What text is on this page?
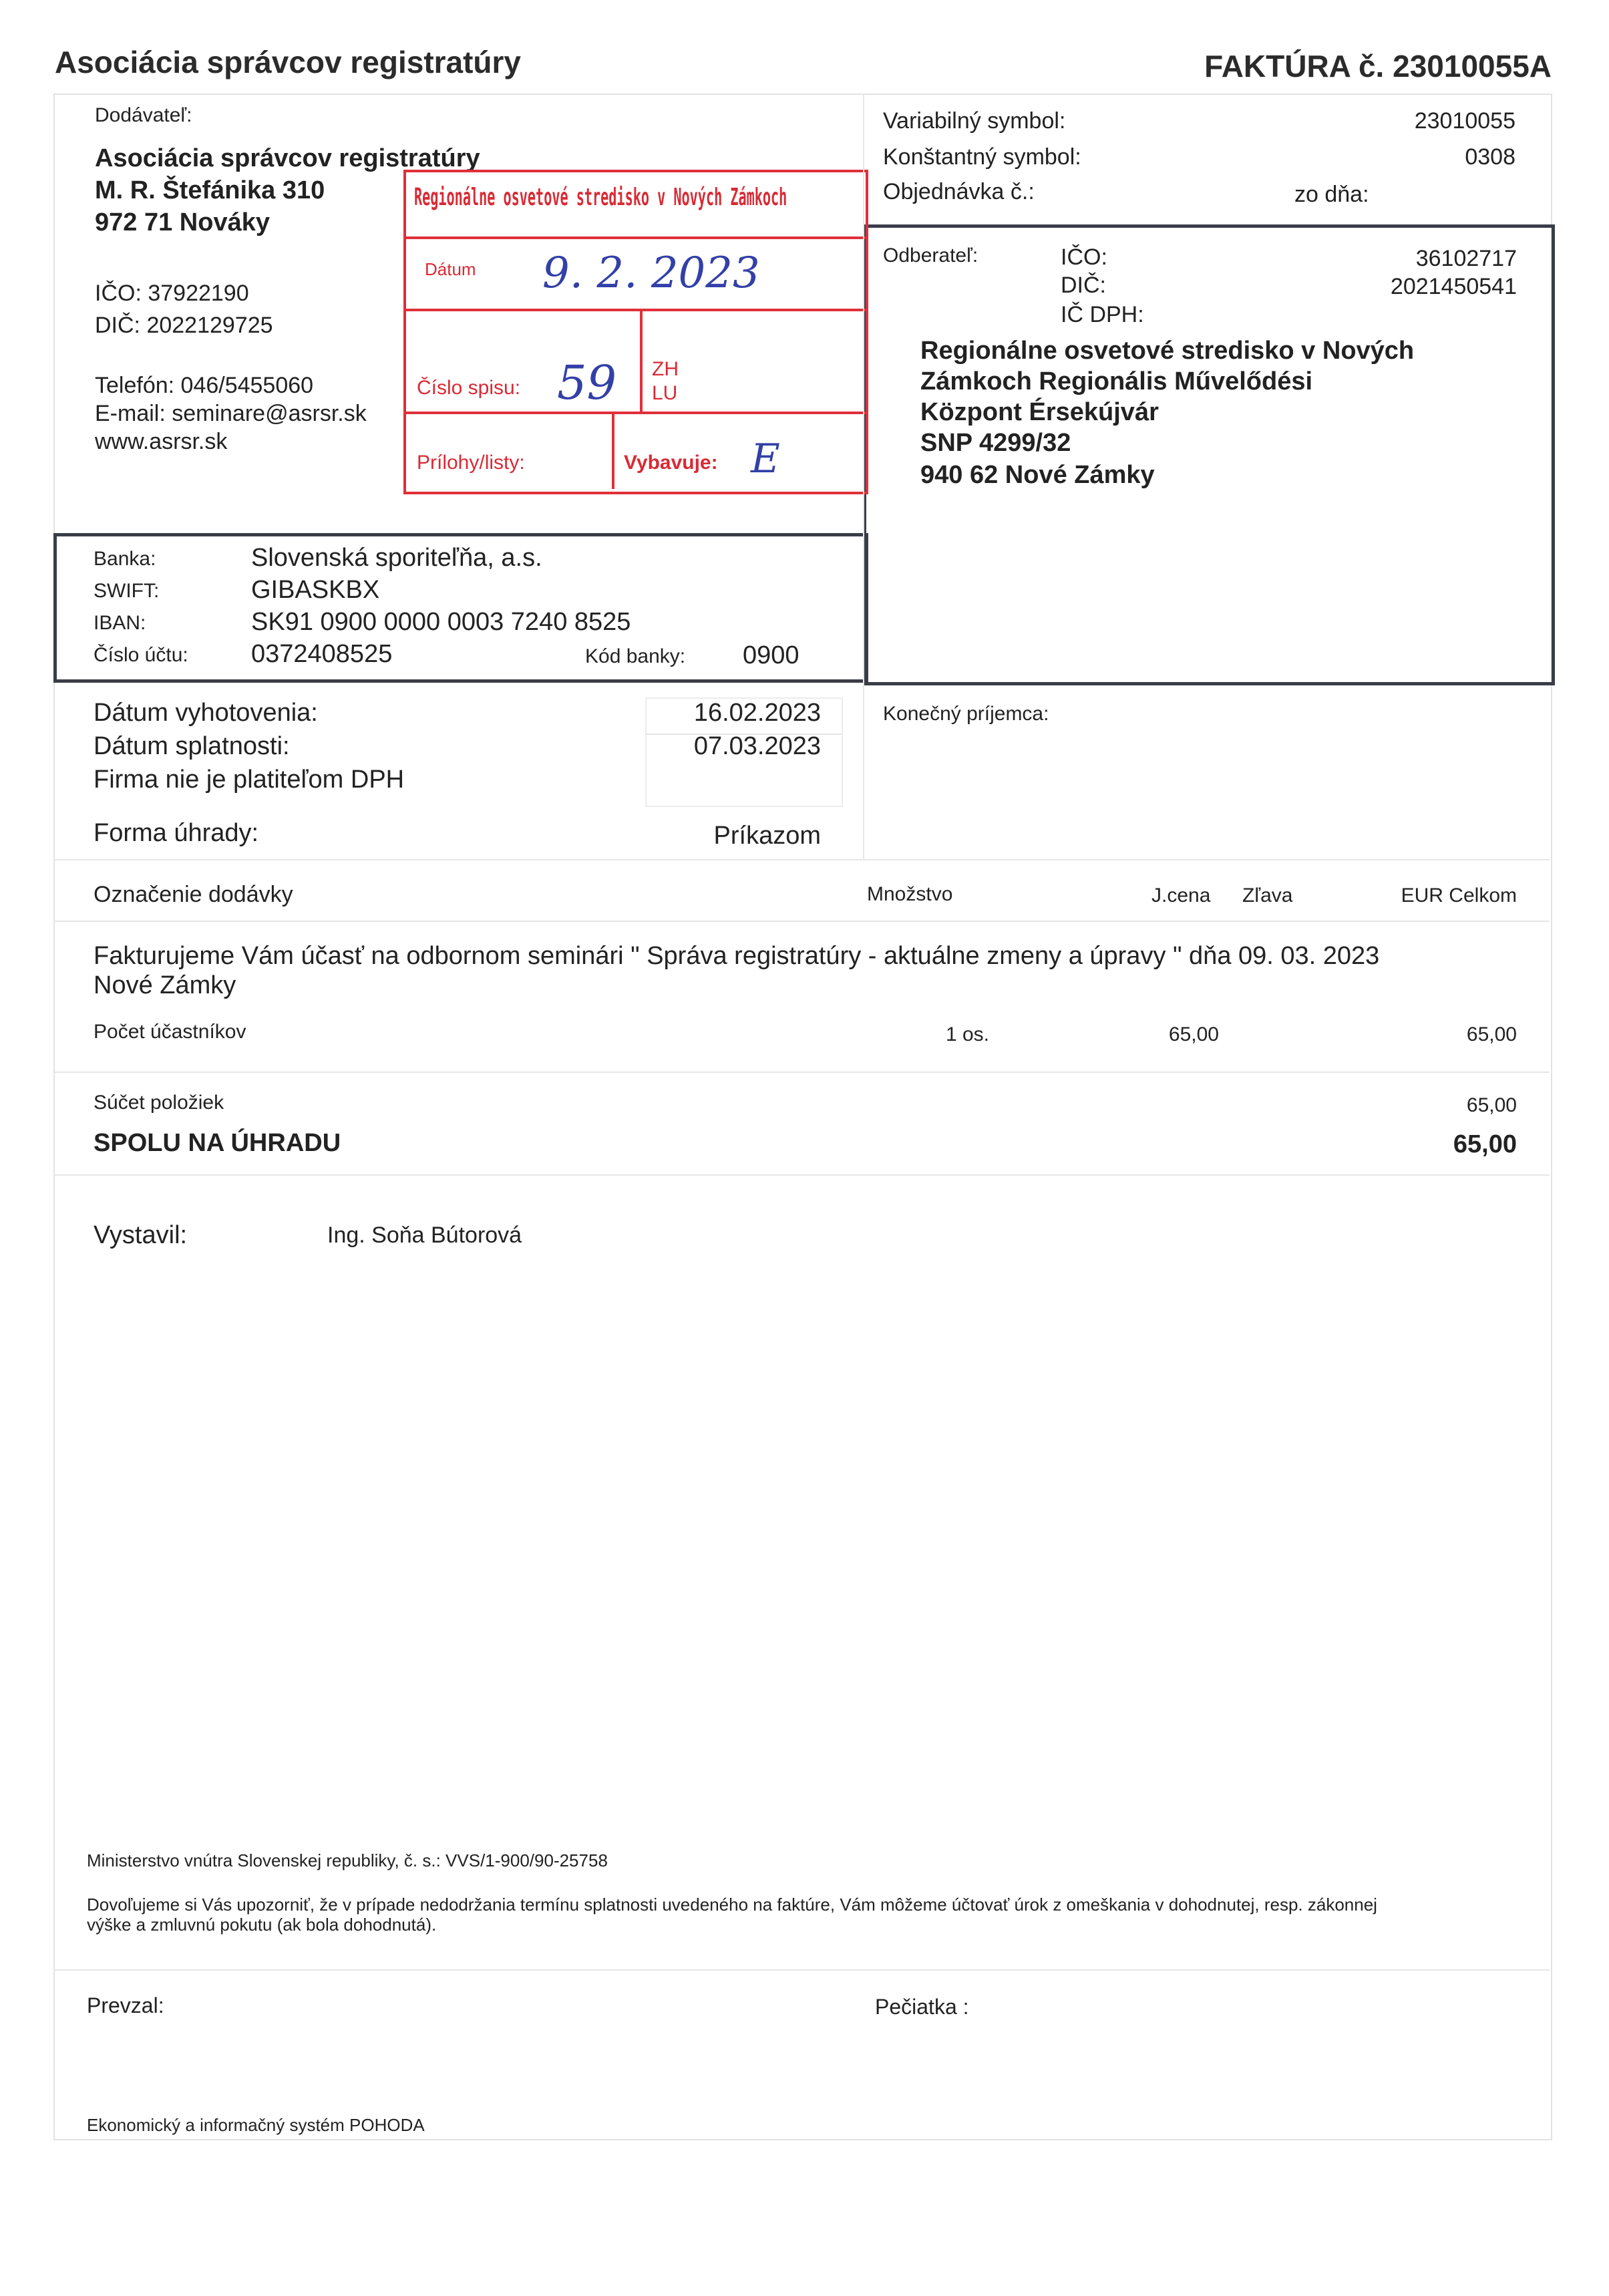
Asociácia správcov registratúry	FAKTÚRA č. 23010055A
Dodávateľ:
Asociácia správcov registratúry
M. R. Štefánika 310
972 71 Nováky
IČO: 37922190
DIČ: 2022129725
Telefón: 046/5455060
E-mail: seminare@asrsr.sk
www.asrsr.sk
Variabilný symbol:	23010055
Konštantný symbol:	0308
Objednávka č.:	zo dňa:
Odberateľ:	IČO:	36102717
DIČ:	2021450541
IČ DPH:
Regionálne osvetové stredisko v Nových
Zámkoch Regionális Művelődési
Központ Érsekújvár
SNP 4299/32
940 62 Nové Zámky
Banka:	Slovenská sporiteľňa, a.s.
SWIFT:	GIBASKBX
IBAN:	SK91 0900 0000 0003 7240 8525
Číslo účtu: 0372408525	Kód banky: 0900
Regionálne osvetové stredisko v Nových Zámkoch
Dátum 9. 2. 2023
Číslo spisu: 59 ZH
LU
Prílohy/listy:	Vybavuje: E
Dátum vyhotovenia:	16.02.2023
Dátum splatnosti:	07.03.2023
Firma nie je platiteľom DPH
Forma úhrady:	Príkazom
Konečný príjemca:
Označenie dodávky	Množstvo	J.cena Zľava	EUR Celkom
Fakturujeme Vám účasť na odbornom seminári " Správa registratúry - aktuálne zmeny a úpravy " dňa 09. 03. 2023
Nové Zámky
Počet účastníkov	1 os.	65,00	65,00
Súčet položiek	65,00
SPOLU NA ÚHRADU	65,00
Vystavil:	Ing. Soňa Bútorová
Ministerstvo vnútra Slovenskej republiky, č. s.: VVS/1-900/90-25758
Dovoľujeme si Vás upozorniť, že v prípade nedodržania termínu splatnosti uvedeného na faktúre, Vám môžeme účtovať úrok z omeškania v dohodnutej, resp. zákonnej
výške a zmluvnú pokutu (ak bola dohodnutá).
Prevzal:	Pečiatka :
Ekonomický a informačný systém POHODA
